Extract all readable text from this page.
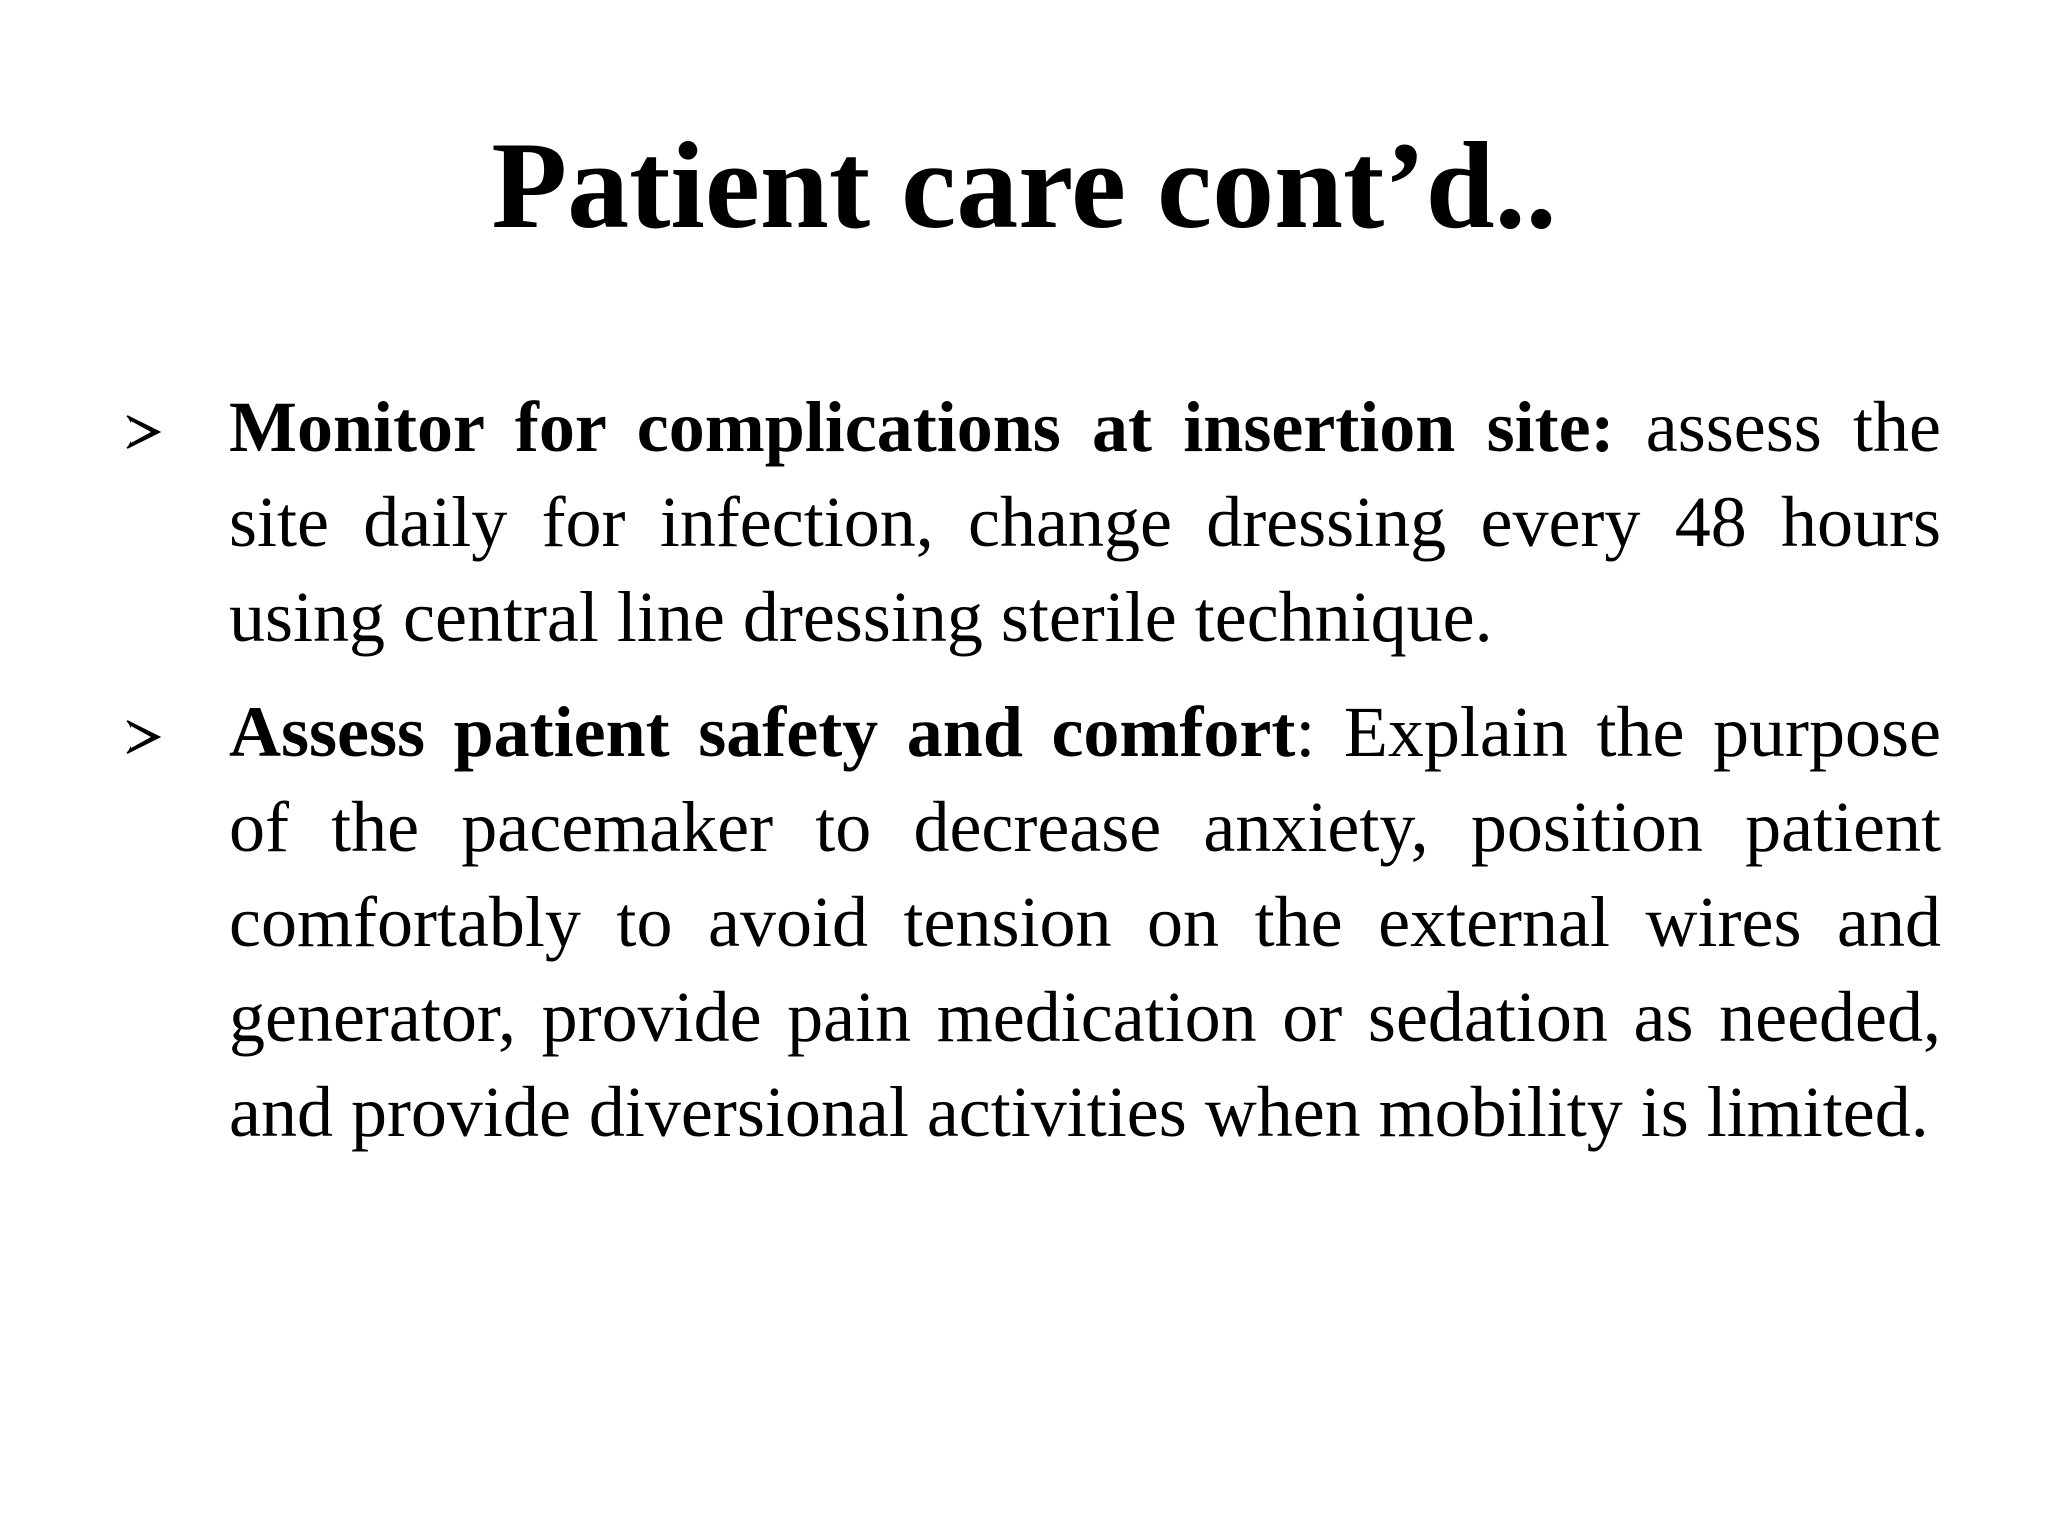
Patient care cont’d..
Monitor for complications at insertion site: assess the site daily for infection, change dressing every 48 hours using central line dressing sterile technique.
Assess patient safety and comfort: Explain the purpose of the pacemaker to decrease anxiety, position patient comfortably to avoid tension on the external wires and generator, provide pain medication or sedation as needed, and provide diversional activities when mobility is limited.
